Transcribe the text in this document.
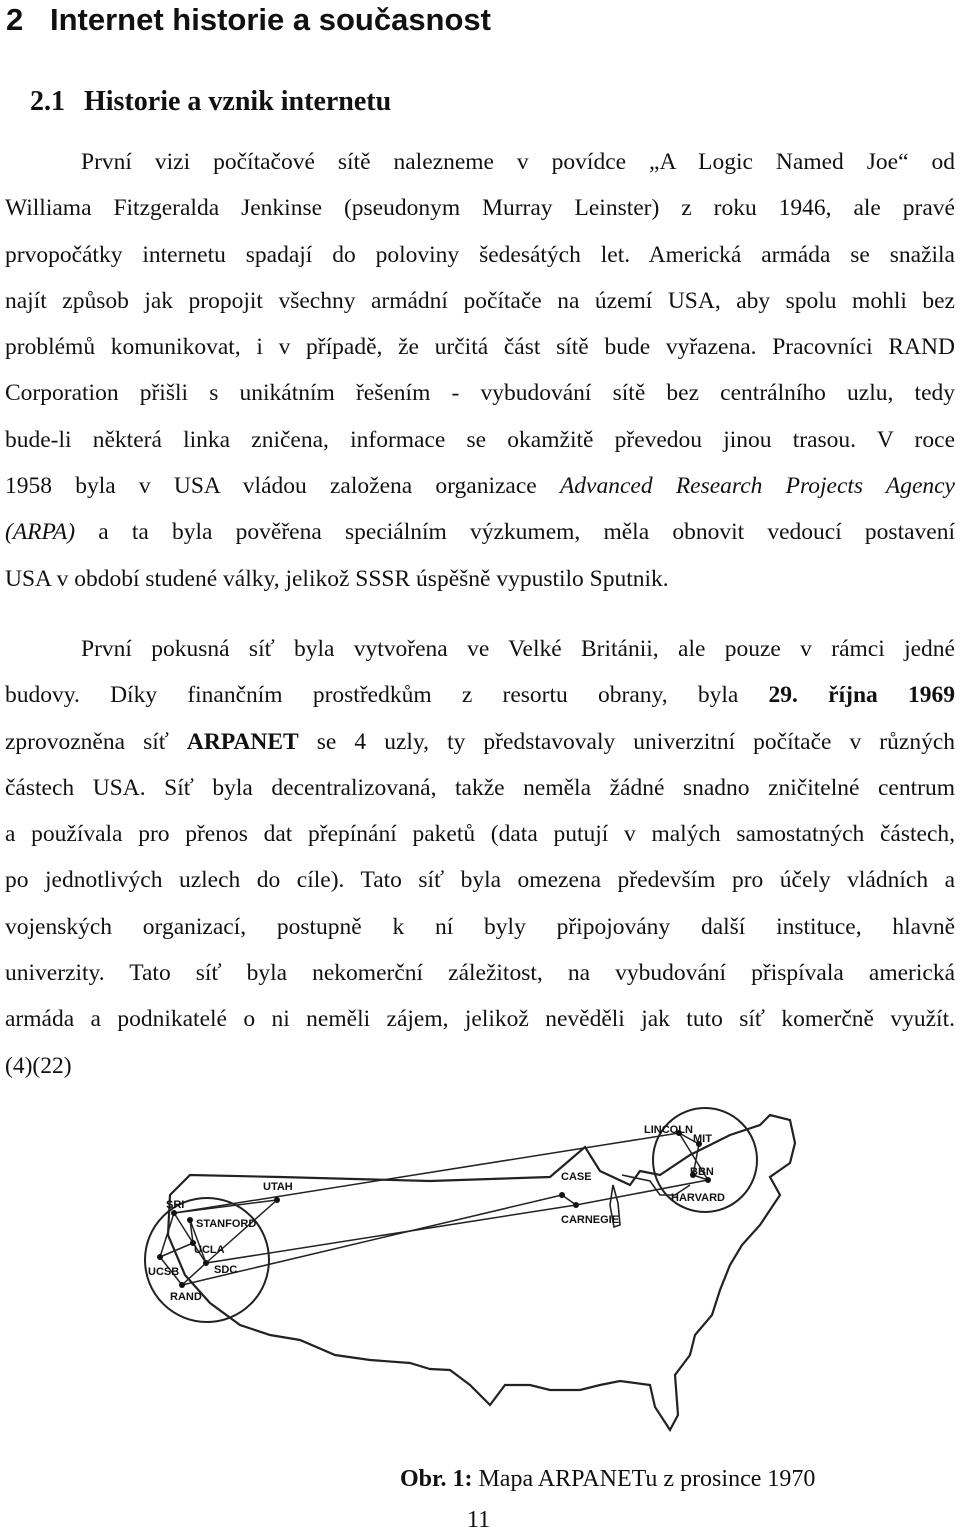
2 Internet historie a současnost
2.1 Historie a vznik internetu
První vizi počítačové sítě nalezneme v povídce „A Logic Named Joe“ od
Williama Fitzgeralda Jenkinse (pseudonym Murray Leinster) z roku 1946, ale pravé
prvopočátky internetu spadají do poloviny šedesátých let. Americká armáda se snažila
najít způsob jak propojit všechny armádní počítače na území USA, aby spolu mohli bez
problémů komunikovat, i v případě, že určitá část sítě bude vyřazena. Pracovníci RAND
Corporation přišli s unikátním řešením - vybudování sítě bez centrálního uzlu, tedy
bude-li některá linka zničena, informace se okamžitě převedou jinou trasou. V roce
1958 byla v USA vládou založena organizace Advanced Research Projects Agency
(ARPA) a ta byla pověřena speciálním výzkumem, měla obnovit vedoucí postavení
USA v období studené války, jelikož SSSR úspěšně vypustilo Sputnik.
První pokusná síť byla vytvořena ve Velké Británii, ale pouze v rámci jedné
budovy. Díky finančním prostředkům z resortu obrany, byla 29. října 1969
zprovozněna síť ARPANET se 4 uzly, ty představovaly univerzitní počítače v různých
částech USA. Síť byla decentralizovaná, takže neměla žádné snadno zničitelné centrum
a používala pro přenos dat přepínání paketů (data putují v malých samostatných částech,
po jednotlivých uzlech do cíle). Tato síť byla omezena především pro účely vládních a
vojenských organizací, postupně k ní byly připojovány další instituce, hlavně
univerzity. Tato síť byla nekomerční záležitost, na vybudování přispívala americká
armáda a podnikatelé o ni neměli zájem, jelikož nevěděli jak tuto síť komerčně využít.
(4)(22)
LINCOLN
MIT
BBN
HARVARD
UTAH
CASE
CARNEGIE
SRI
STANFORD
UCLA
UCSB	SDC
RAND
Obr. 1: Mapa ARPANETu z prosince 1970
11
